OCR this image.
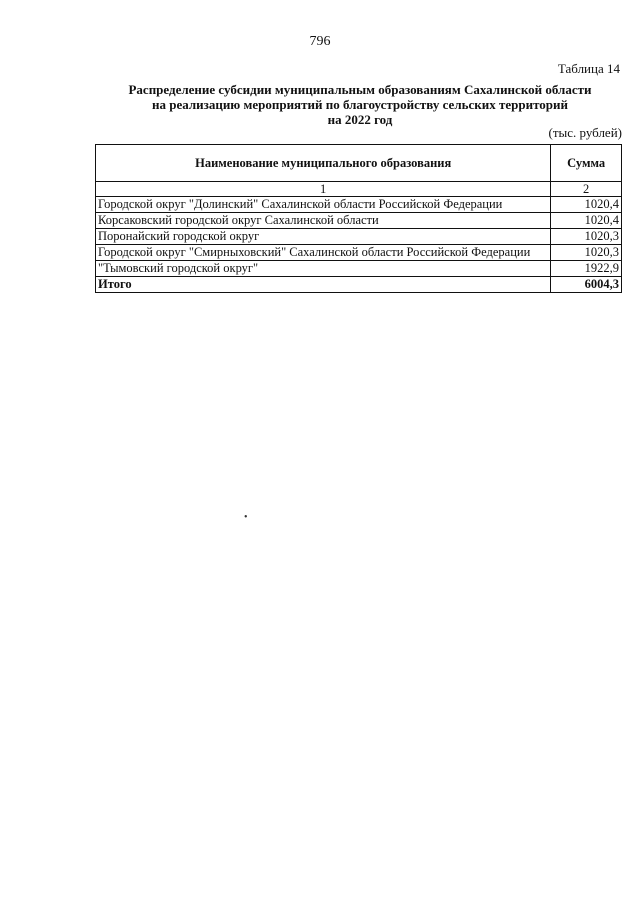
796
Таблица 14
Распределение субсидии муниципальным образованиям Сахалинской области
на реализацию мероприятий по благоустройству сельских территорий
на 2022 год
(тыс. рублей)
Наименование муниципального образования	Сумма
1	2
Городской округ "Долинский" Сахалинской области Российской Федерации	1020,4
Корсаковский городской округ Сахалинской области	1020,4
Поронайский городской округ	1020,3
Городской округ "Смирныховский" Сахалинской области Российской Федерации	1020,3
"Тымовский городской округ"	1922,9
Итого	6004,3
•
